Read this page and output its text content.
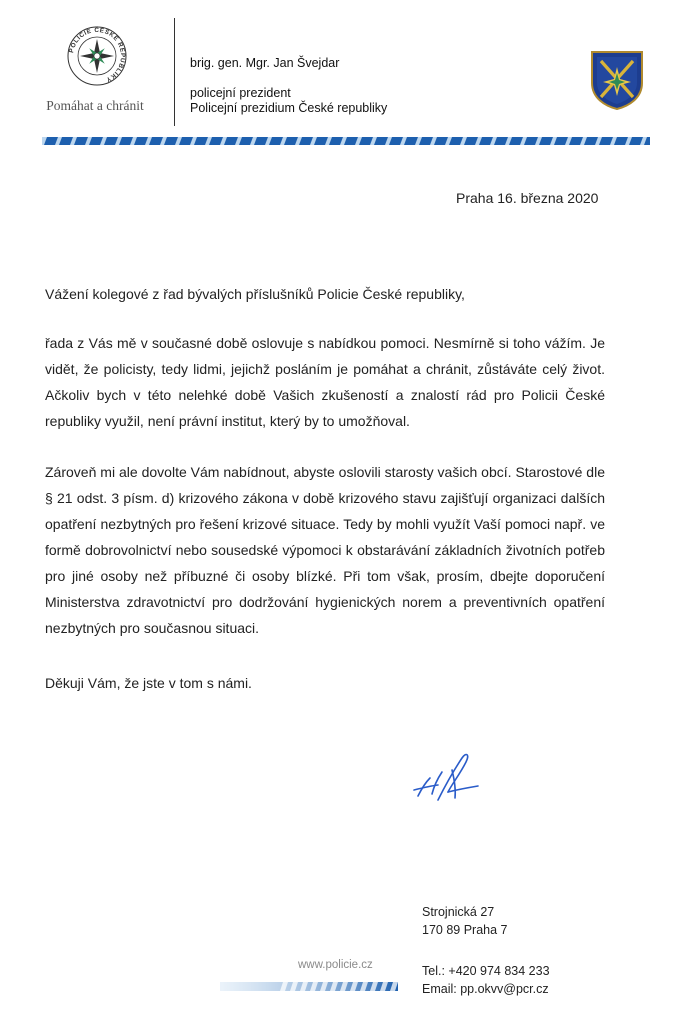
POLICIE ČESKÉ REPUBLIKY
Pomáhat a chránit
brig. gen. Mgr. Jan Švejdar
policejní prezident
Policejní prezidium České republiky
Praha 16. března 2020
Vážení kolegové z řad bývalých příslušníků Policie České republiky,
řada z Vás mě v současné době oslovuje s nabídkou pomoci. Nesmírně si toho vážím. Je vidět, že policisty, tedy lidmi, jejichž posláním je pomáhat a chránit, zůstáváte celý život. Ačkoliv bych v této nelehké době Vašich zkušeností a znalostí rád pro Policii České republiky využil, není právní institut, který by to umožňoval.
Zároveň mi ale dovolte Vám nabídnout, abyste oslovili starosty vašich obcí. Starostové dle § 21 odst. 3 písm. d) krizového zákona v době krizového stavu zajišťují organizaci dalších opatření nezbytných pro řešení krizové situace. Tedy by mohli využít Vaší pomoci např. ve formě dobrovolnictví nebo sousedské výpomoci k obstarávání základních životních potřeb pro jiné osoby než příbuzné či osoby blízké. Při tom však, prosím, dbejte doporučení Ministerstva zdravotnictví pro dodržování hygienických norem a preventivních opatření nezbytných pro současnou situaci.
Děkuji Vám, že jste v tom s námi.
Strojnická 27
170 89 Praha 7
www.policie.cz	Tel.: +420 974 834 233
Email: pp.okvv@pcr.cz
